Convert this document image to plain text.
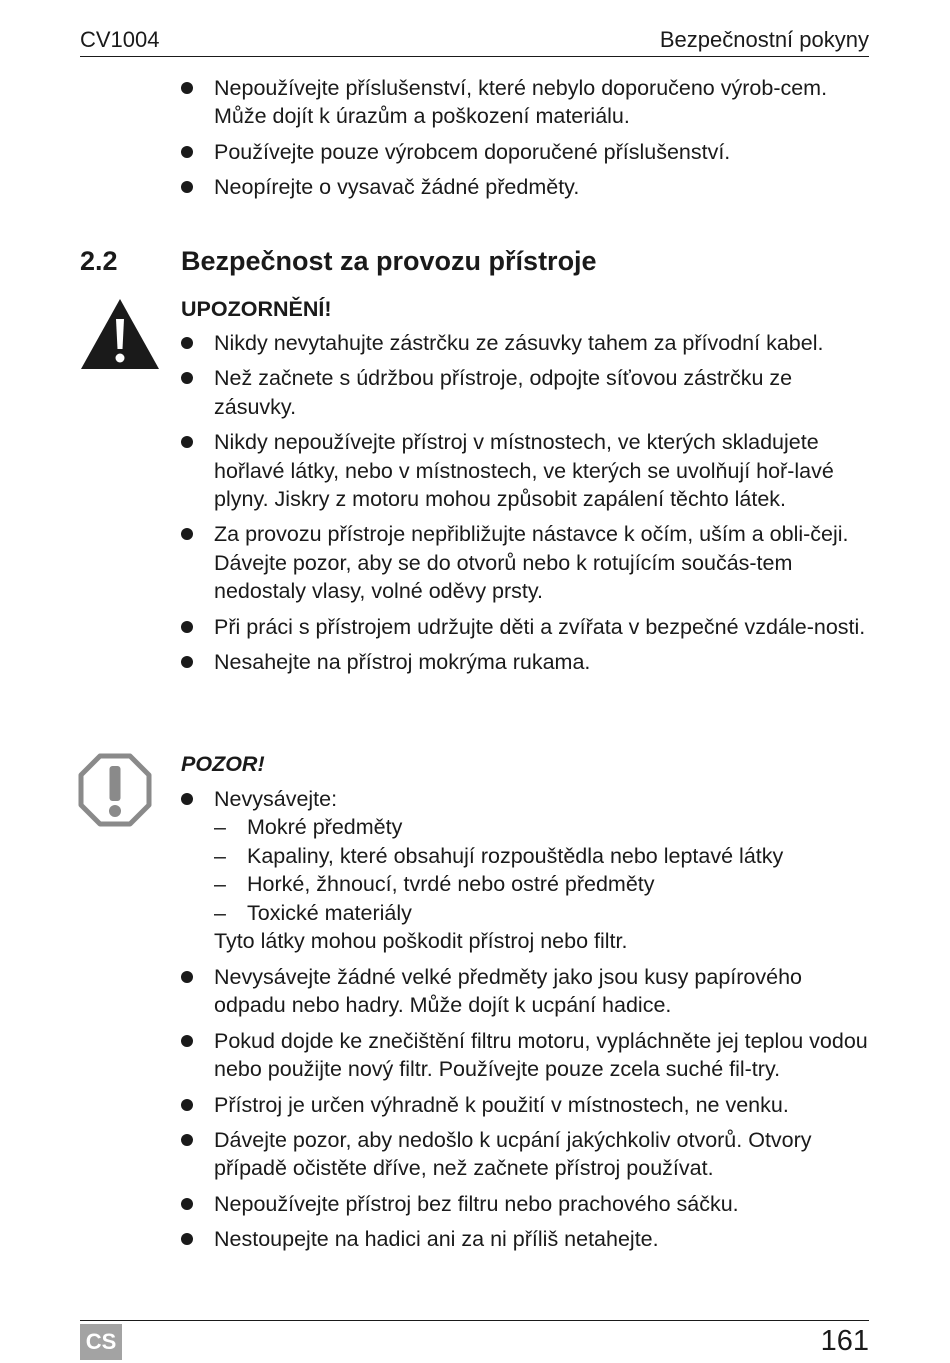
CV1004	Bezpečnostní pokyny
Nepoužívejte příslušenství, které nebylo doporučeno výrob-cem. Může dojít k úrazům a poškození materiálu.
Používejte pouze výrobcem doporučené příslušenství.
Neopírejte o vysavač žádné předměty.
2.2 Bezpečnost za provozu přístroje
UPOZORNĚNÍ!
Nikdy nevytahujte zástrčku ze zásuvky tahem za přívodní kabel.
Než začnete s údržbou přístroje, odpojte síťovou zástrčku ze zásuvky.
Nikdy nepoužívejte přístroj v místnostech, ve kterých skladujete hořlavé látky, nebo v místnostech, ve kterých se uvolňují hoř-lavé plyny. Jiskry z motoru mohou způsobit zapálení těchto látek.
Za provozu přístroje nepřibližujte nástavce k očím, uším a obli-čeji. Dávejte pozor, aby se do otvorů nebo k rotujícím součás-tem nedostaly vlasy, volné oděvy prsty.
Při práci s přístrojem udržujte děti a zvířata v bezpečné vzdále-nosti.
Nesahejte na přístroj mokrýma rukama.
POZOR!
Nevysávejte:
– Mokré předměty
– Kapaliny, které obsahují rozpouštědla nebo leptavé látky
– Horké, žhnoucí, tvrdé nebo ostré předměty
– Toxické materiály
Tyto látky mohou poškodit přístroj nebo filtr.
Nevysávejte žádné velké předměty jako jsou kusy papírového odpadu nebo hadry. Může dojít k ucpání hadice.
Pokud dojde ke znečištění filtru motoru, vypláchněte jej teplou vodou nebo použijte nový filtr. Používejte pouze zcela suché fil-try.
Přístroj je určen výhradně k použití v místnostech, ne venku.
Dávejte pozor, aby nedošlo k ucpání jakýchkoliv otvorů. Otvory případě očistěte dříve, než začnete přístroj používat.
Nepoužívejte přístroj bez filtru nebo prachového sáčku.
Nestoupejte na hadici ani za ni příliš netahejte.
CS	161
